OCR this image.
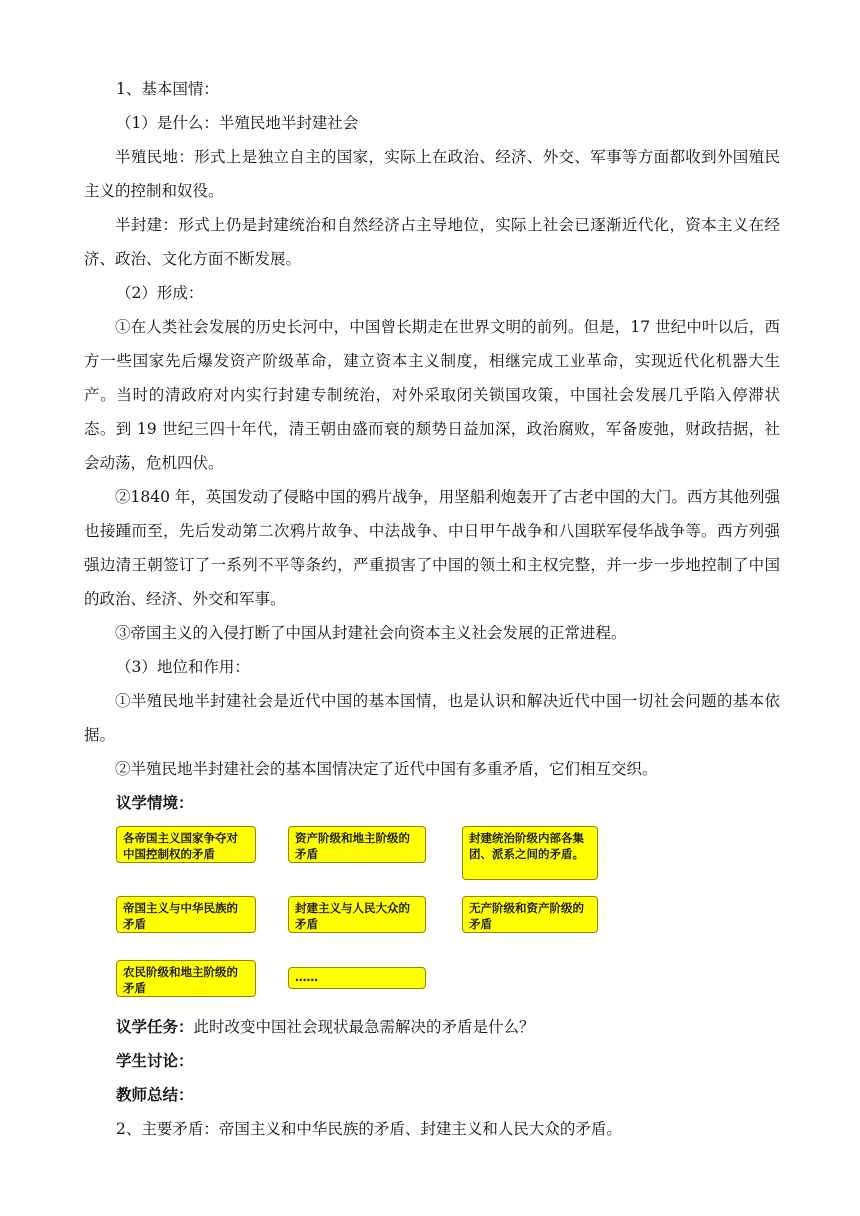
1、基本国情：

（1）是什么：半殖民地半封建社会

半殖民地：形式上是独立自主的国家，实际上在政治、经济、外交、军事等方面都收到外国殖民主义的控制和奴役。

半封建：形式上仍是封建统治和自然经济占主导地位，实际上社会已逐渐近代化，资本主义在经济、政治、文化方面不断发展。

（2）形成：

①在人类社会发展的历史长河中，中国曾长期走在世界文明的前列。但是，17 世纪中叶以后，西方一些国家先后爆发资产阶级革命，建立资本主义制度，相继完成工业革命，实现近代化机器大生产。当时的清政府对内实行封建专制统治，对外采取闭关锁国攻策，中国社会发展几乎陷入停滞状态。到 19 世纪三四十年代，清王朝由盛而衰的颓势日益加深，政治腐败，军备废弛，财政拮据，社会动荡，危机四伏。

②1840 年，英国发动了侵略中国的鸦片战争，用坚船利炮轰开了古老中国的大门。西方其他列强也接踵而至，先后发动第二次鸦片故争、中法战争、中日甲午战争和八国联军侵华战争等。西方列强强边清王朝签订了一系列不平等条约，严重损害了中国的领土和主权完整，并一步一步地控制了中国的政治、经济、外交和军事。

③帝国主义的入侵打断了中国从封建社会向资本主义社会发展的正常进程。

（3）地位和作用：

①半殖民地半封建社会是近代中国的基本国情，也是认识和解决近代中国一切社会问题的基本依据。

②半殖民地半封建社会的基本国情决定了近代中国有多重矛盾，它们相互交织。

议学情境：

各帝国主义国家争夺对中国控制权的矛盾
资产阶级和地主阶级的矛盾
封建统治阶级内部各集团、派系之间的矛盾。
帝国主义与中华民族的矛盾
封建主义与人民大众的矛盾
无产阶级和资产阶级的矛盾
农民阶级和地主阶级的矛盾
……

议学任务：此时改变中国社会现状最急需解决的矛盾是什么？

学生讨论：

教师总结：

2、主要矛盾：帝国主义和中华民族的矛盾、封建主义和人民大众的矛盾。
